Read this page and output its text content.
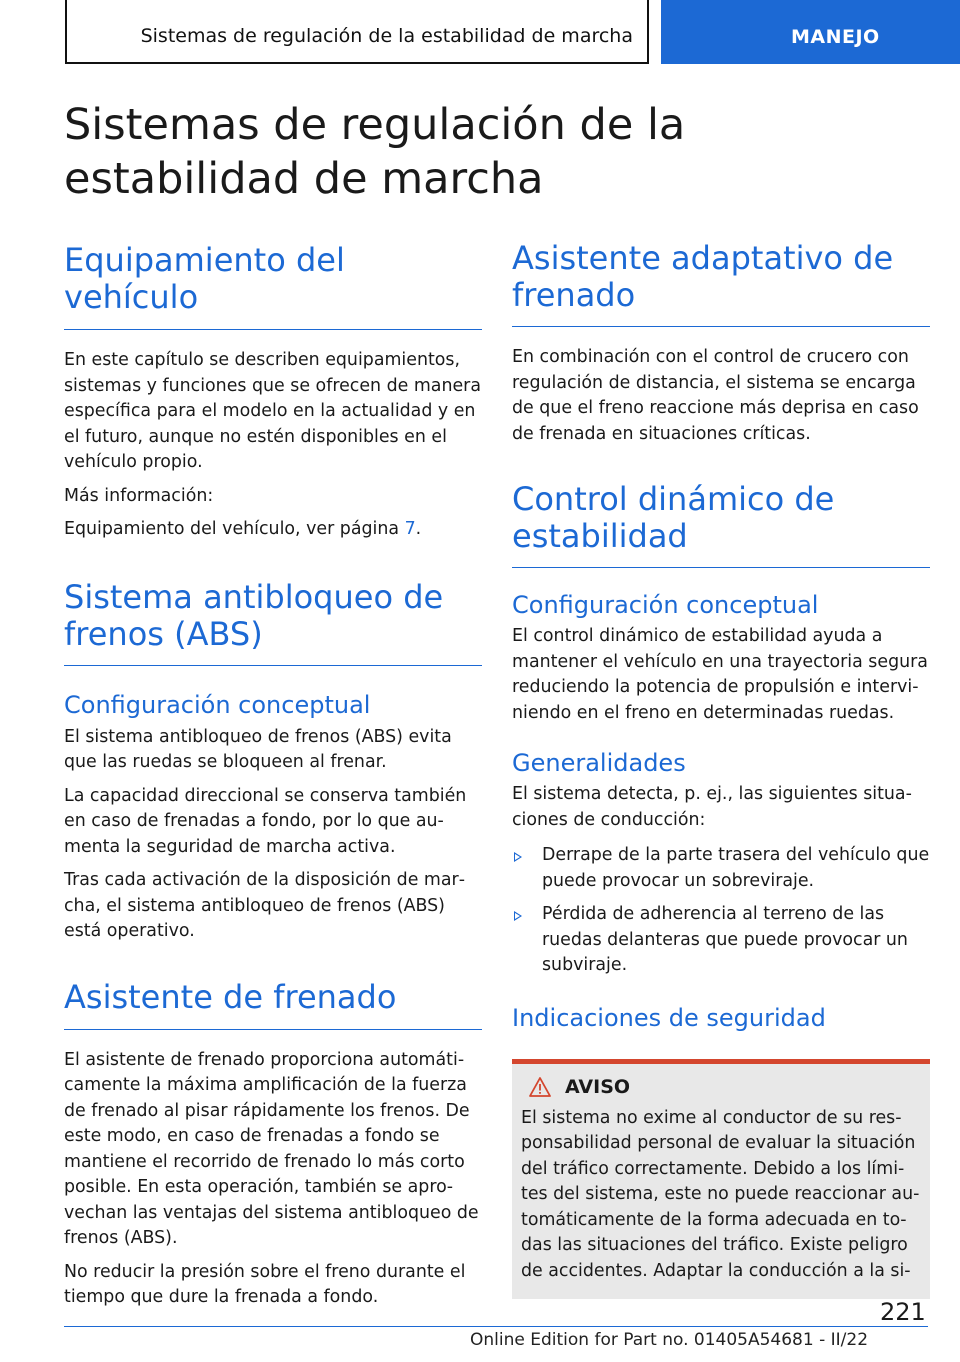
Sistemas de regulación de la estabilidad de marcha	MANEJO
Sistemas de regulación de la estabilidad de marcha
Equipamiento del vehículo

En este capítulo se describen equipamientos, sistemas y funciones que se ofrecen de manera específica para el modelo en la actualidad y en el futuro, aunque no estén disponibles en el vehículo propio.

Más información:

Equipamiento del vehículo, ver página 7.

Sistema antibloqueo de frenos (ABS)
Configuración conceptual

El sistema antibloqueo de frenos (ABS) evita que las ruedas se bloqueen al frenar.

La capacidad direccional se conserva también en caso de frenadas a fondo, por lo que aumenta la seguridad de marcha activa.

Tras cada activación de la disposición de marcha, el sistema antibloqueo de frenos (ABS) está operativo.

Asistente de frenado

El asistente de frenado proporciona automáticamente la máxima amplificación de la fuerza de frenado al pisar rápidamente los frenos. De este modo, en caso de frenadas a fondo se mantiene el recorrido de frenado lo más corto posible. En esta operación, también se aprovechan las ventajas del sistema antibloqueo de frenos (ABS).

No reducir la presión sobre el freno durante el tiempo que dure la frenada a fondo.

Asistente adaptativo de frenado

En combinación con el control de crucero con regulación de distancia, el sistema se encarga de que el freno reaccione más deprisa en caso de frenada en situaciones críticas.

Control dinámico de estabilidad
Configuración conceptual

El control dinámico de estabilidad ayuda a mantener el vehículo en una trayectoria segura reduciendo la potencia de propulsión e interviniendo en el freno en determinadas ruedas.

Generalidades

El sistema detecta, p. ej., las siguientes situaciones de conducción:

Derrape de la parte trasera del vehículo que puede provocar un sobreviraje.
Pérdida de adherencia al terreno de las ruedas delanteras que puede provocar un subviraje.
Indicaciones de seguridad
AVISO

El sistema no exime al conductor de su responsabilidad personal de evaluar la situación del tráfico correctamente. Debido a los límites del sistema, este no puede reaccionar automáticamente de la forma adecuada en todas las situaciones del tráfico. Existe peligro de accidentes. Adaptar la conducción a la si-

221
Online Edition for Part no. 01405A54681 - II/22
